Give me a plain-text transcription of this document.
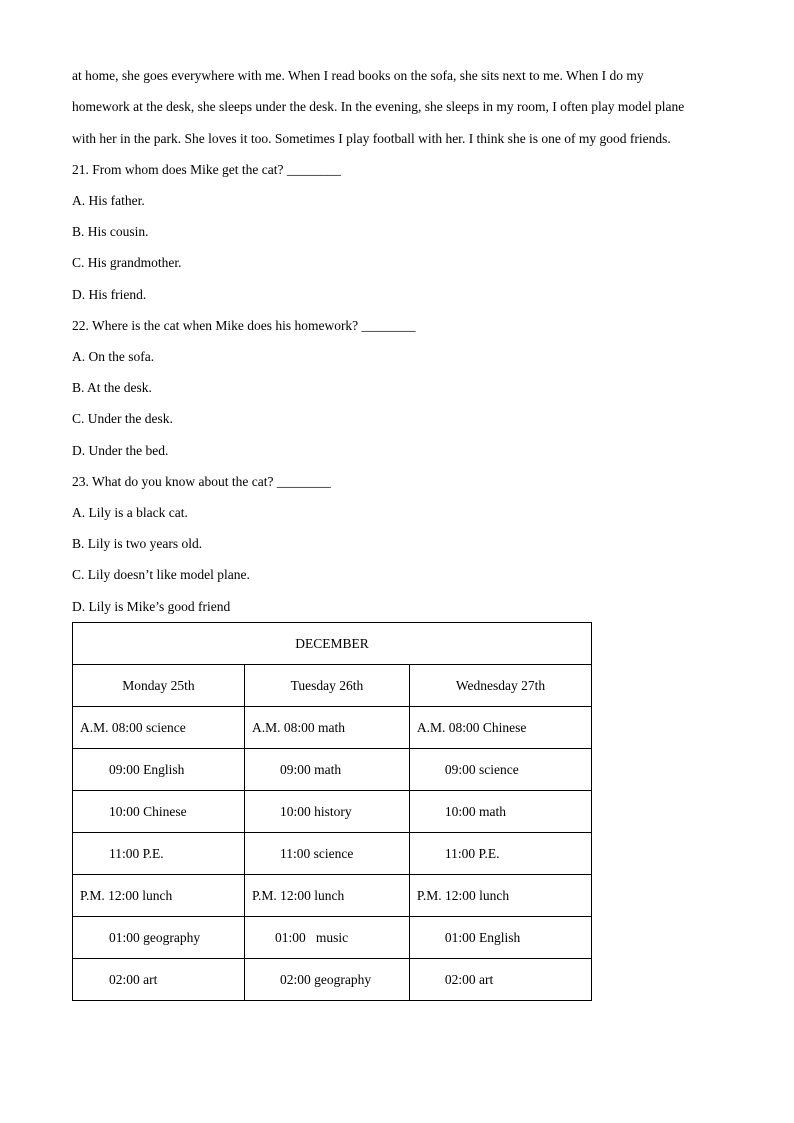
at home, she goes everywhere with me. When I read books on the sofa, she sits next to me. When I do my
homework at the desk, she sleeps under the desk. In the evening, she sleeps in my room, I often play model plane
with her in the park. She loves it too. Sometimes I play football with her. I think she is one of my good friends.
21. From whom does Mike get the cat? ________
A. His father.
B. His cousin.
C. His grandmother.
D. His friend.
22. Where is the cat when Mike does his homework? ________
A. On the sofa.
B. At the desk.
C. Under the desk.
D. Under the bed.
23. What do you know about the cat? ________
A. Lily is a black cat.
B. Lily is two years old.
C. Lily doesn’t like model plane.
D. Lily is Mike’s good friend
DECEMBER		
Monday 25th	Tuesday 26th	Wednesday 27th
A.M. 08:00 science	A.M. 08:00 math	A.M. 08:00 Chinese
09:00 English	09:00 math	09:00 science
10:00 Chinese	10:00 history	10:00 math
11:00 P.E.	11:00 science	11:00 P.E.
P.M. 12:00 lunch	P.M. 12:00 lunch	P.M. 12:00 lunch
01:00 geography	01:00   music	01:00 English
02:00 art	02:00 geography	02:00 art
